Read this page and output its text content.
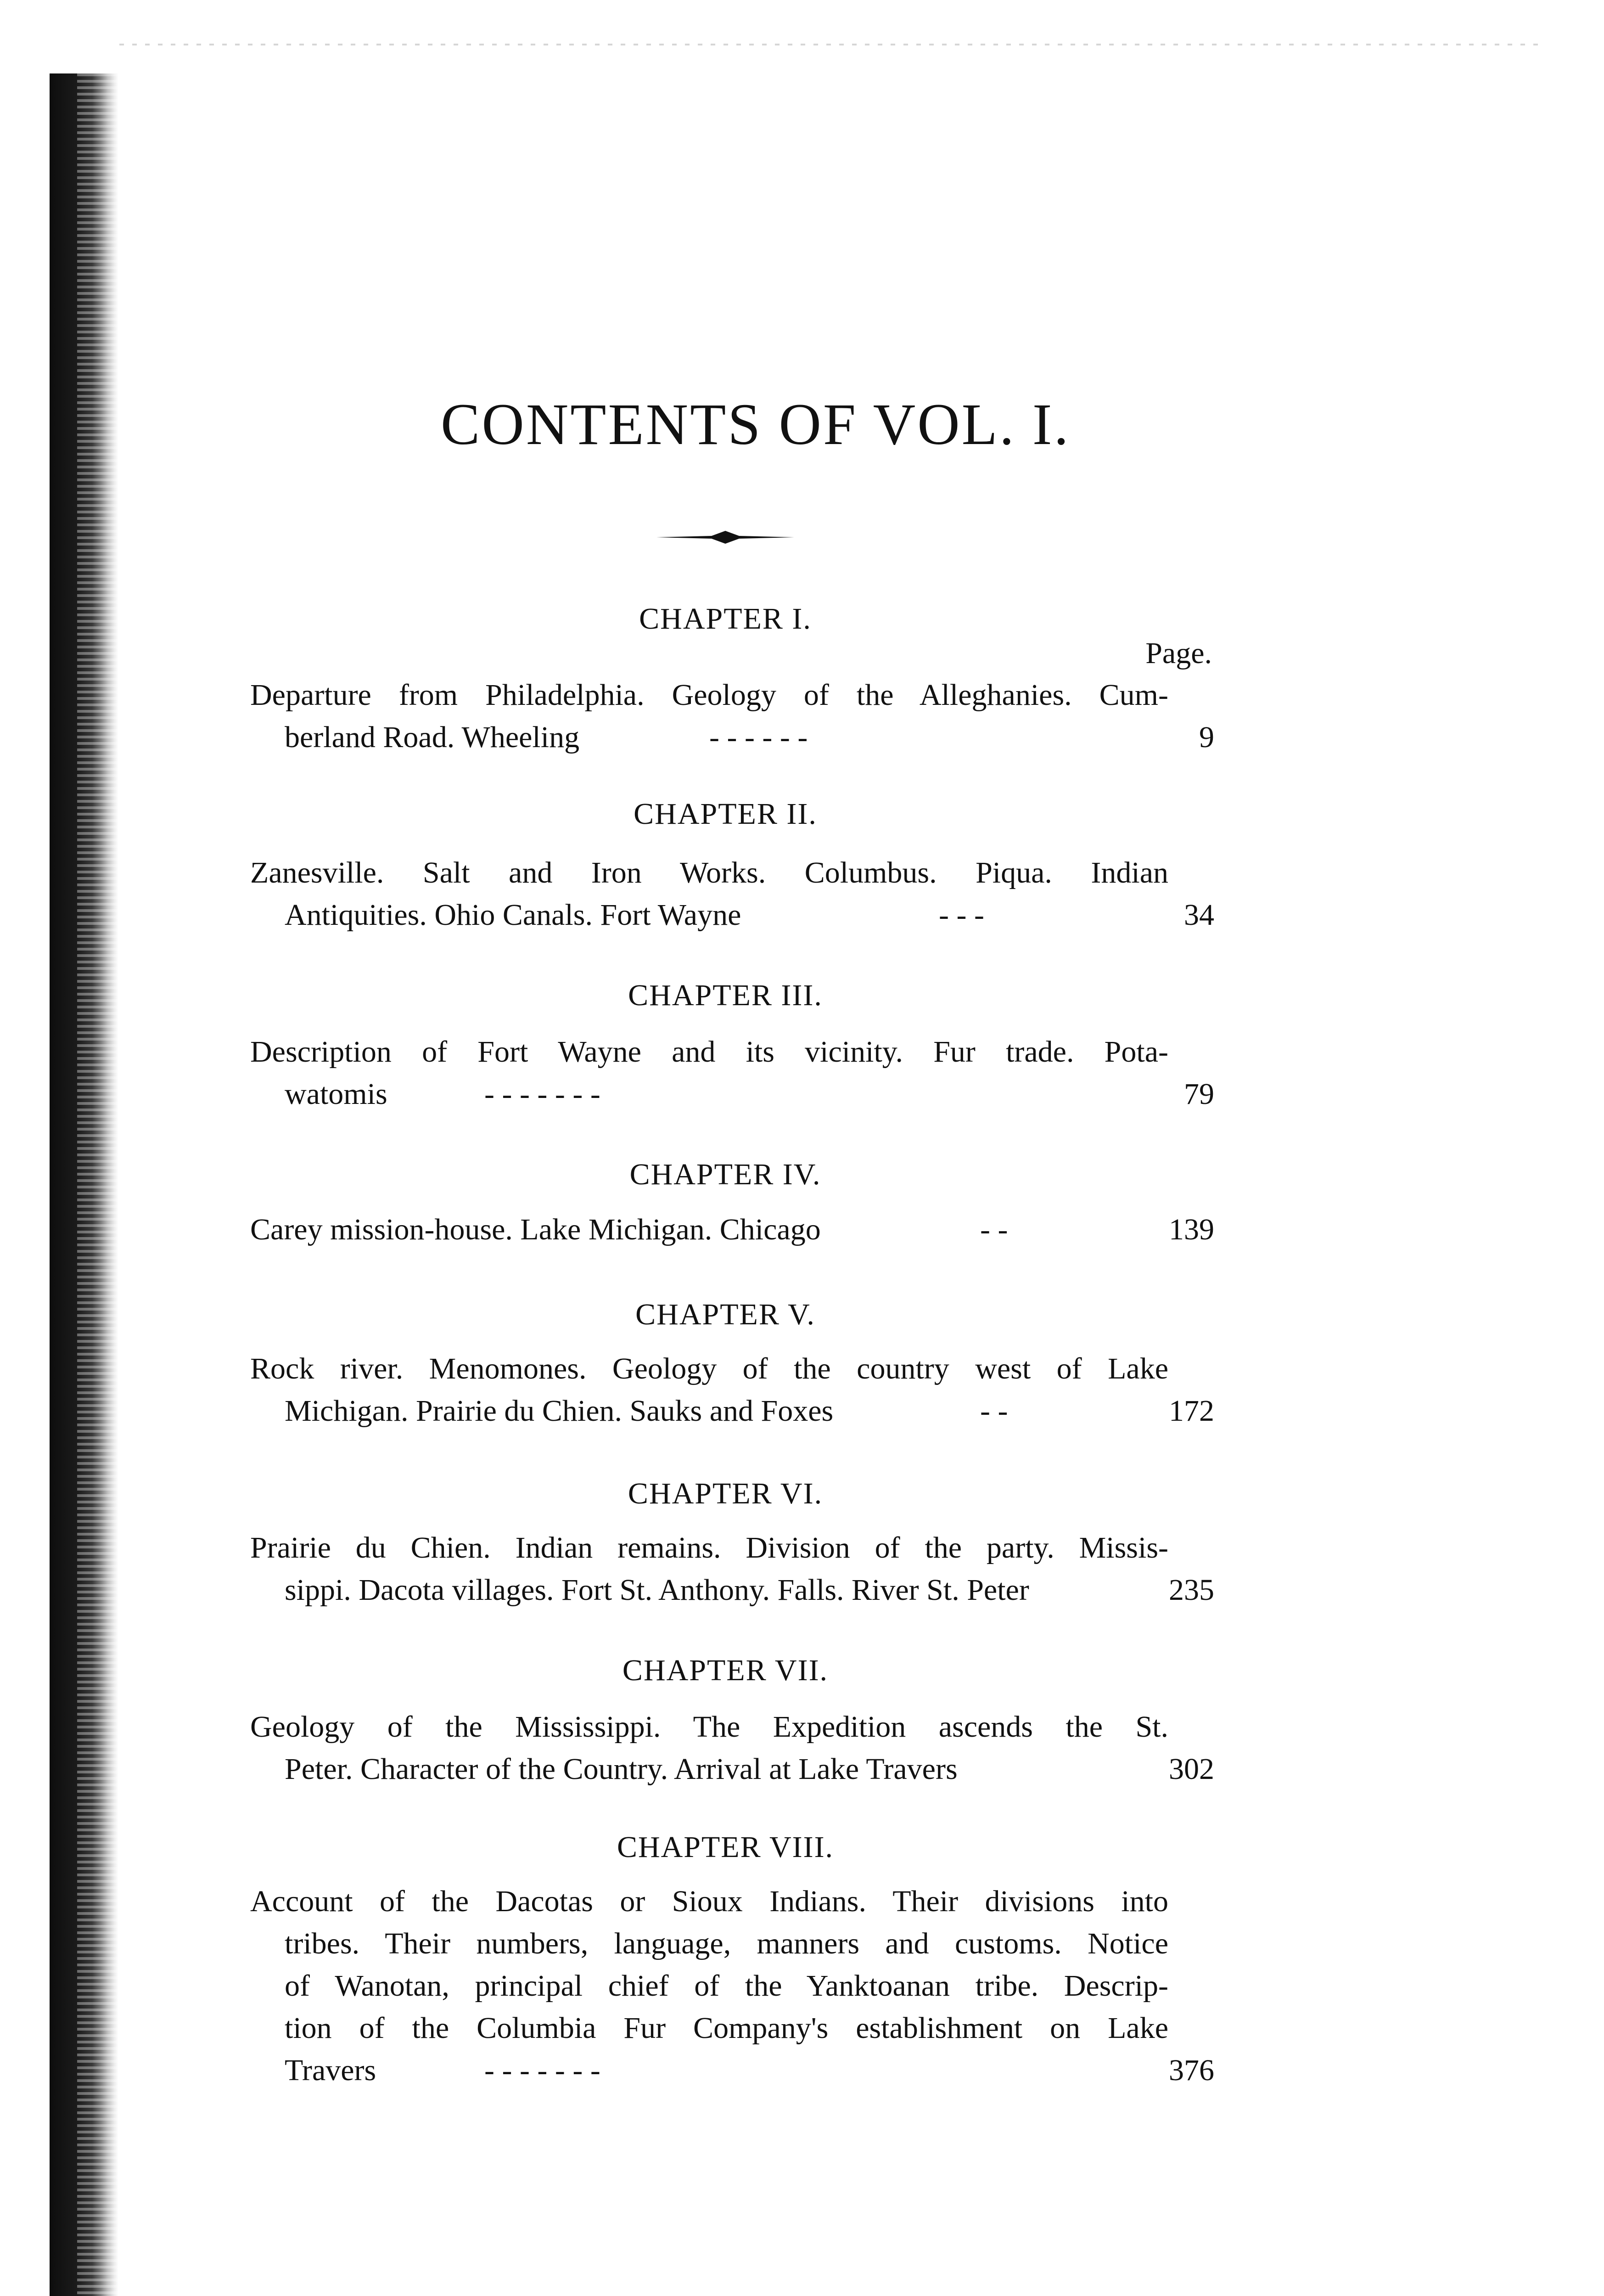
CONTENTS OF VOL. I.
CHAPTER I.
Page.
Departure from Philadelphia. Geology of the Alleghanies. Cum-
berland Road. Wheeling	- - - - - -	9
CHAPTER II.
Zanesville. Salt and Iron Works. Columbus. Piqua. Indian
Antiquities. Ohio Canals. Fort Wayne	- - -	34
CHAPTER III.
Description of Fort Wayne and its vicinity. Fur trade. Pota-
watomis	- - - - - - -	79
CHAPTER IV.
Carey mission-house. Lake Michigan. Chicago	- -	139
CHAPTER V.
Rock river. Menomones. Geology of the country west of Lake
Michigan. Prairie du Chien. Sauks and Foxes	- -	172
CHAPTER VI.
Prairie du Chien. Indian remains. Division of the party. Missis-
sippi. Dacota villages. Fort St. Anthony. Falls. River St. Peter	235
CHAPTER VII.
Geology of the Mississippi. The Expedition ascends the St.
Peter. Character of the Country. Arrival at Lake Travers	302
CHAPTER VIII.
Account of the Dacotas or Sioux Indians. Their divisions into
tribes. Their numbers, language, manners and customs. Notice
of Wanotan, principal chief of the Yanktoanan tribe. Descrip-
tion of the Columbia Fur Company's establishment on Lake
Travers	- - - - - - -	376
